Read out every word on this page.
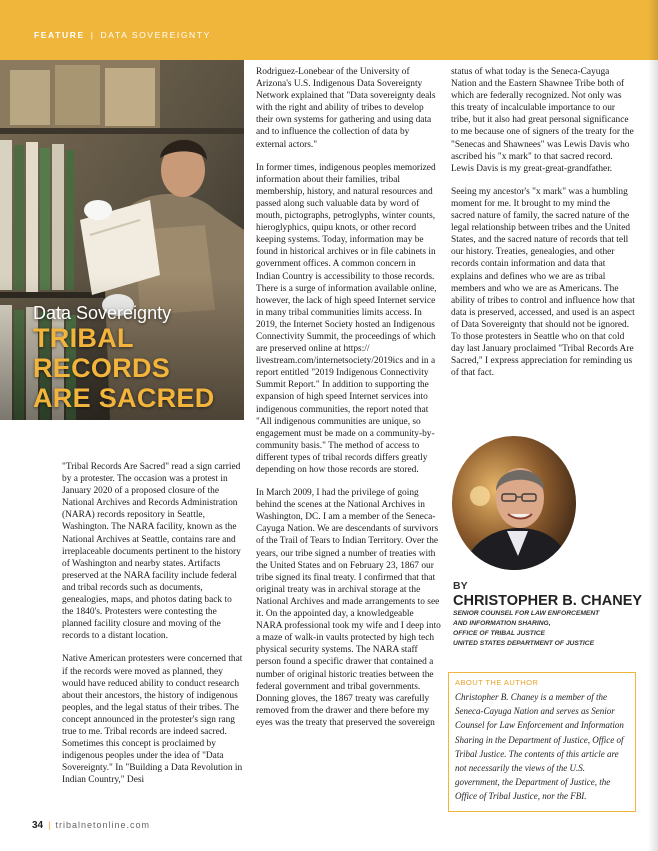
FEATURE | DATA SOVEREIGNTY
Data Sovereignty
TRIBAL RECORDS ARE SACRED

"Tribal Records Are Sacred" read a sign carried by a protester. The occasion was a protest in January 2020 of a proposed closure of the National Archives and Records Administration (NARA) records repository in Seattle, Washington. The NARA facility, known as the National Archives at Seattle, contains rare and irreplaceable documents pertinent to the history of Washington and nearby states. Artifacts preserved at the NARA facility include federal and tribal records such as documents, genealogies, maps, and photos dating back to the 1840's. Protesters were contesting the planned facility closure and moving of the records to a distant location.

Native American protesters were concerned that if the records were moved as planned, they would have reduced ability to conduct research about their ancestors, the history of indigenous peoples, and the legal status of their tribes. The concept announced in the protester's sign rang true to me. Tribal records are indeed sacred. Sometimes this concept is proclaimed by indigenous peoples under the idea of "Data Sovereignty." In "Building a Data Revolution in Indian Country," Desi

Rodriguez-Lonebear of the University of Arizona's U.S. Indigenous Data Sovereignty Network explained that "Data sovereignty deals with the right and ability of tribes to develop their own systems for gathering and using data and to influence the collection of data by external actors."

In former times, indigenous peoples memorized information about their families, tribal membership, history, and natural resources and passed along such valuable data by word of mouth, pictographs, petroglyphs, winter counts, hieroglyphics, quipu knots, or other record keeping systems. Today, information may be found in historical archives or in file cabinets in government offices. A common concern in Indian Country is accessibility to those records. There is a surge of information available online, however, the lack of high speed Internet service in many tribal communities limits access. In 2019, the Internet Society hosted an Indigenous Connectivity Summit, the proceedings of which are preserved online at https:// livestream.com/internetsociety/2019ics and in a report entitled "2019 Indigenous Connectivity Summit Report." In addition to supporting the expansion of high speed Internet services into indigenous communities, the report noted that "All indigenous communities are unique, so engagement must be made on a community-by-community basis." The method of access to different types of tribal records differs greatly depending on how those records are stored.

In March 2009, I had the privilege of going behind the scenes at the National Archives in Washington, DC. I am a member of the Seneca-Cayuga Nation. We are descendants of survivors of the Trail of Tears to Indian Territory. Over the years, our tribe signed a number of treaties with the United States and on February 23, 1867 our tribe signed its final treaty. I confirmed that that original treaty was in archival storage at the National Archives and made arrangements to see it. On the appointed day, a knowledgeable NARA professional took my wife and I deep into a maze of walk-in vaults protected by high tech physical security systems. The NARA staff person found a specific drawer that contained a number of original historic treaties between the federal government and tribal governments. Donning gloves, the 1867 treaty was carefully removed from the drawer and there before my eyes was the treaty that preserved the sovereign

status of what today is the Seneca-Cayuga Nation and the Eastern Shawnee Tribe both of which are federally recognized. Not only was this treaty of incalculable importance to our tribe, but it also had great personal significance to me because one of signers of the treaty for the "Senecas and Shawnees" was Lewis Davis who ascribed his "x mark" to that sacred record. Lewis Davis is my great-great-grandfather.

Seeing my ancestor's "x mark" was a humbling moment for me. It brought to my mind the sacred nature of family, the sacred nature of the legal relationship between tribes and the United States, and the sacred nature of records that tell our history. Treaties, genealogies, and other records contain information and data that explains and defines who we are as tribal members and who we are as Americans. The ability of tribes to control and influence how that data is preserved, accessed, and used is an aspect of Data Sovereignty that should not be ignored. To those protesters in Seattle who on that cold day last January proclaimed "Tribal Records Are Sacred," I express appreciation for reminding us of that fact.

BY
CHRISTOPHER B. CHANEY
SENIOR COUNSEL FOR LAW ENFORCEMENT
AND INFORMATION SHARING,
OFFICE OF TRIBAL JUSTICE
UNITED STATES DEPARTMENT OF JUSTICE
ABOUT THE AUTHOR
Christopher B. Chaney is a member of the Seneca-Cayuga Nation and serves as Senior Counsel for Law Enforcement and Information Sharing in the Department of Justice, Office of Tribal Justice. The contents of this article are not necessarily the views of the U.S. government, the Department of Justice, the Office of Tribal Justice, nor the FBI.
34 | tribalnetonline.com
